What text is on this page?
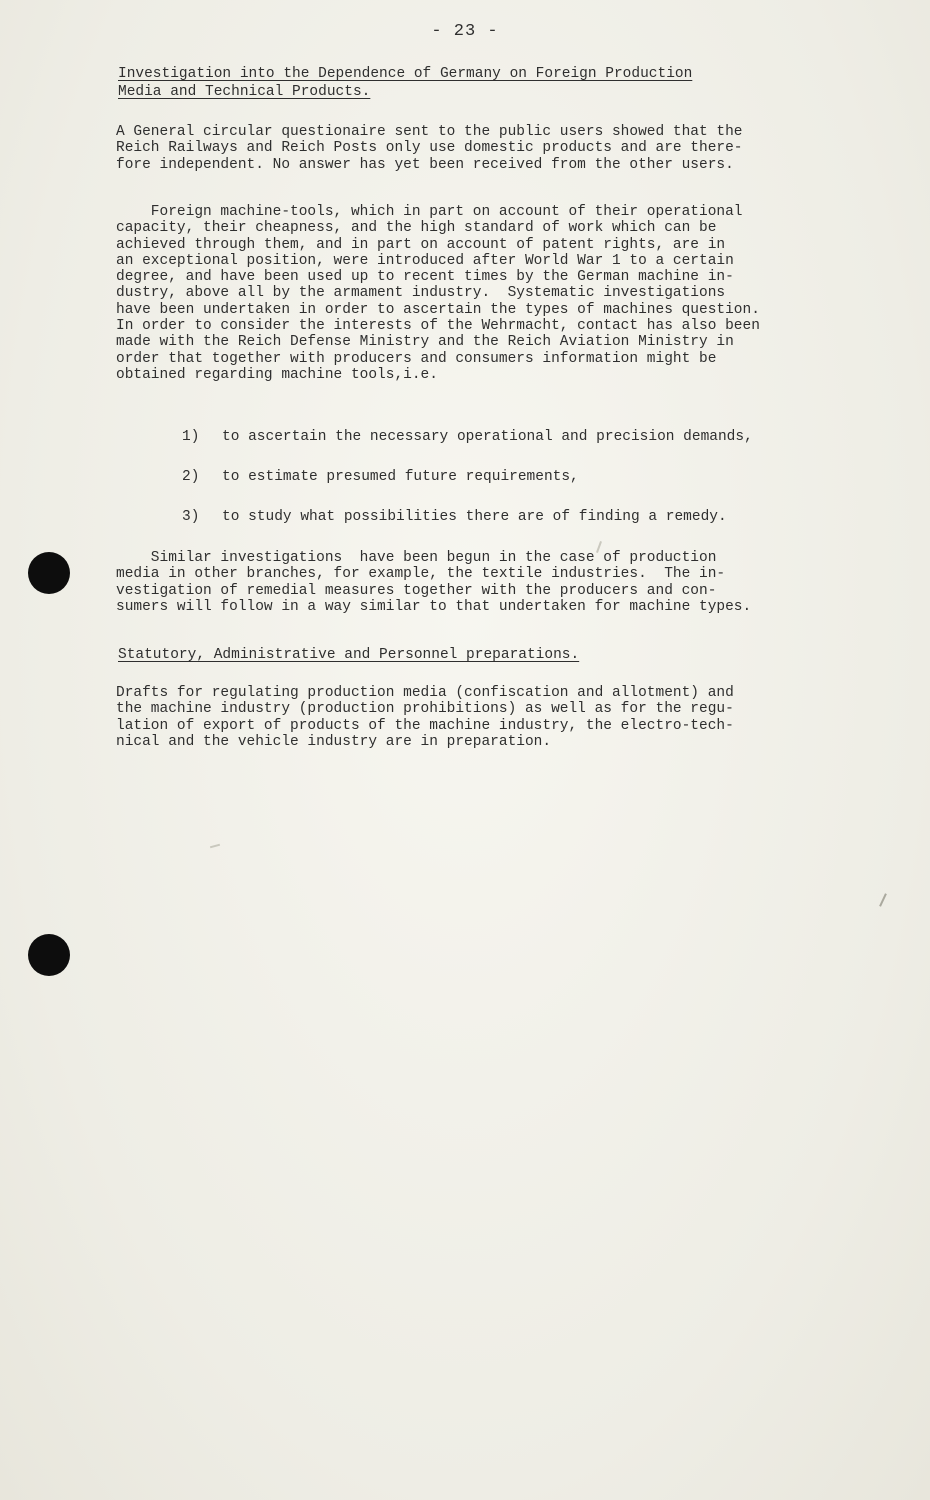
- 23 -
Investigation into the Dependence of Germany on Foreign Production
Media and Technical Products.

A General circular questionaire sent to the public users showed that the
Reich Railways and Reich Posts only use domestic products and are there-
fore independent. No answer has yet been received from the other users.

Foreign machine-tools, which in part on account of their operational
capacity, their cheapness, and the high standard of work which can be
achieved through them, and in part on account of patent rights, are in
an exceptional position, were introduced after World War 1 to a certain
degree, and have been used up to recent times by the German machine in-
dustry, above all by the armament industry.  Systematic investigations
have been undertaken in order to ascertain the types of machines question.
In order to consider the interests of the Wehrmacht, contact has also been
made with the Reich Defense Ministry and the Reich Aviation Ministry in
order that together with producers and consumers information might be
obtained regarding machine tools,i.e.

1) to ascertain the necessary operational and precision demands,
2) to estimate presumed future requirements,
3) to study what possibilities there are of finding a remedy.

Similar investigations  have been begun in the case of production
media in other branches, for example, the textile industries.  The in-
vestigation of remedial measures together with the producers and con-
sumers will follow in a way similar to that undertaken for machine types.

Statutory, Administrative and Personnel preparations.

Drafts for regulating production media (confiscation and allotment) and
the machine industry (production prohibitions) as well as for the regu-
lation of export of products of the machine industry, the electro-tech-
nical and the vehicle industry are in preparation.
